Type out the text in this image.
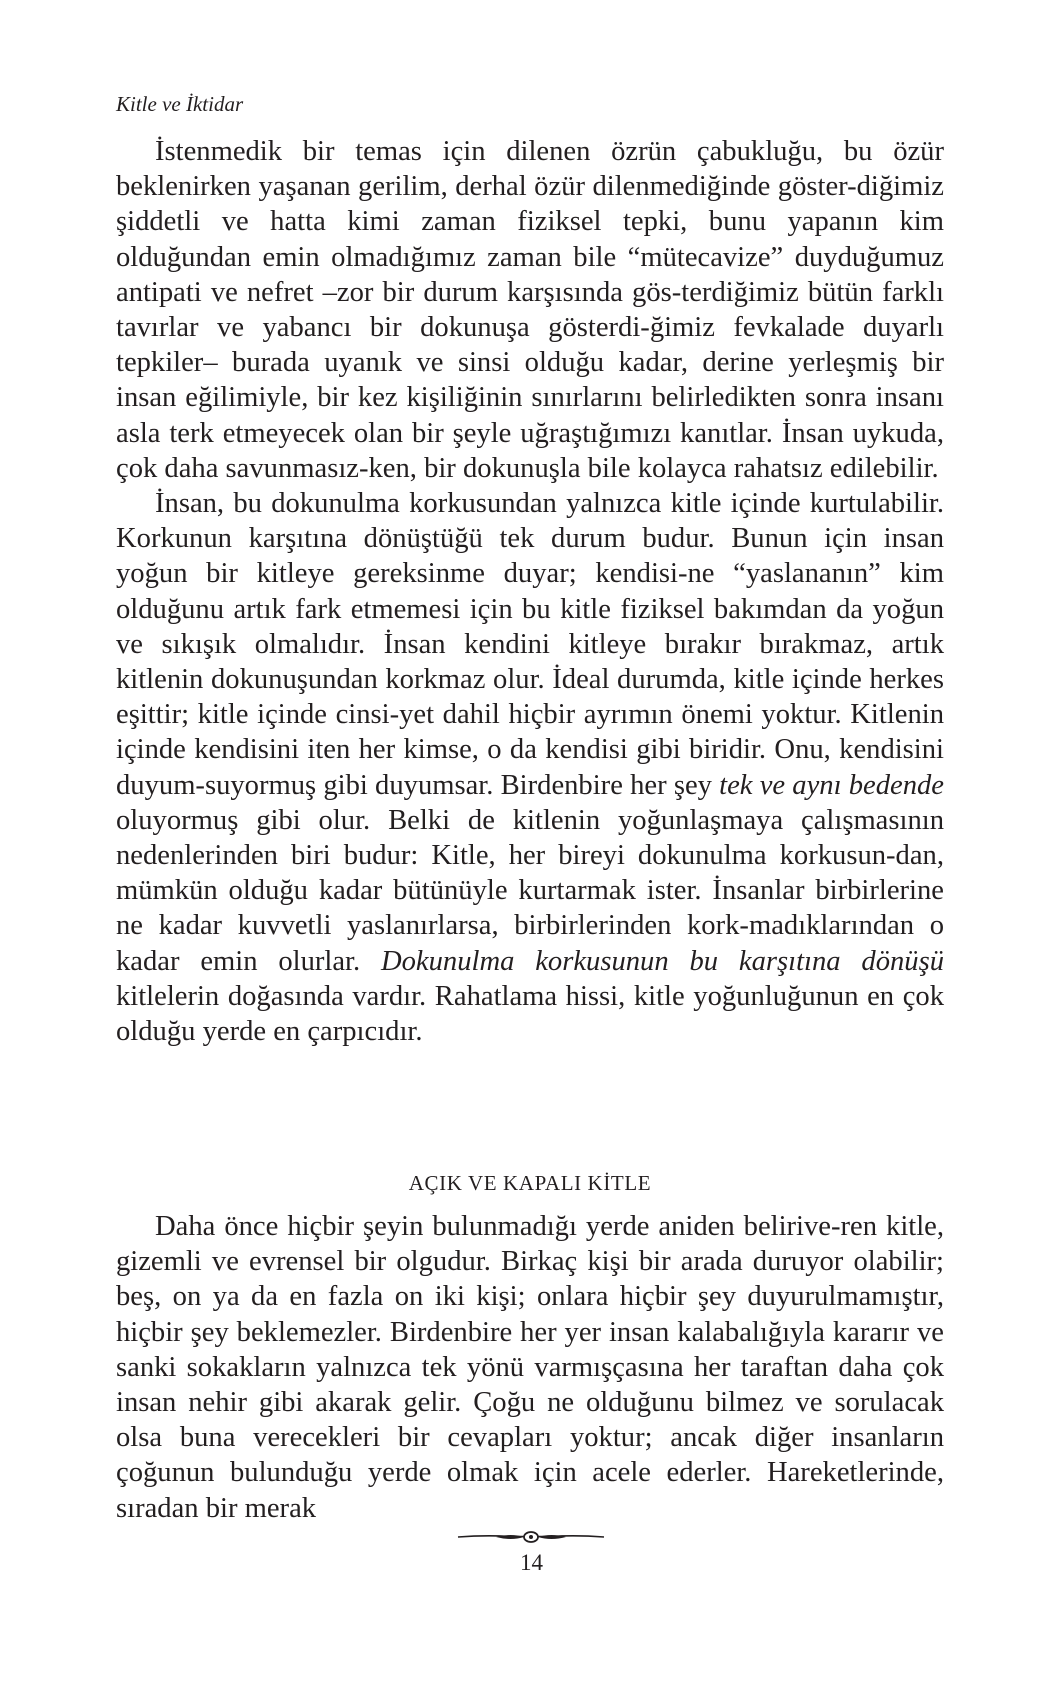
Kitle ve İktidar

İstenmedik bir temas için dilenen özrün çabukluğu, bu özür beklenirken yaşanan gerilim, derhal özür dilenmediğinde göster-diğimiz şiddetli ve hatta kimi zaman fiziksel tepki, bunu yapanın kim olduğundan emin olmadığımız zaman bile “mütecavize” duyduğumuz antipati ve nefret –zor bir durum karşısında gös-terdiğimiz bütün farklı tavırlar ve yabancı bir dokunuşa gösterdi-ğimiz fevkalade duyarlı tepkiler– burada uyanık ve sinsi olduğu kadar, derine yerleşmiş bir insan eğilimiyle, bir kez kişiliğinin sınırlarını belirledikten sonra insanı asla terk etmeyecek olan bir şeyle uğraştığımızı kanıtlar. İnsan uykuda, çok daha savunmasız-ken, bir dokunuşla bile kolayca rahatsız edilebilir.

İnsan, bu dokunulma korkusundan yalnızca kitle içinde kurtulabilir. Korkunun karşıtına dönüştüğü tek durum budur. Bunun için insan yoğun bir kitleye gereksinme duyar; kendisi-ne “yaslananın” kim olduğunu artık fark etmemesi için bu kitle fiziksel bakımdan da yoğun ve sıkışık olmalıdır. İnsan kendini kitleye bırakır bırakmaz, artık kitlenin dokunuşundan korkmaz olur. İdeal durumda, kitle içinde herkes eşittir; kitle içinde cinsi-yet dahil hiçbir ayrımın önemi yoktur. Kitlenin içinde kendisini iten her kimse, o da kendisi gibi biridir. Onu, kendisini duyum-suyormuş gibi duyumsar. Birdenbire her şey tek ve aynı bedende oluyormuş gibi olur. Belki de kitlenin yoğunlaşmaya çalışmasının nedenlerinden biri budur: Kitle, her bireyi dokunulma korkusun-dan, mümkün olduğu kadar bütünüyle kurtarmak ister. İnsanlar birbirlerine ne kadar kuvvetli yaslanırlarsa, birbirlerinden kork-madıklarından o kadar emin olurlar. Dokunulma korkusunun bu karşıtına dönüşü kitlelerin doğasında vardır. Rahatlama hissi, kitle yoğunluğunun en çok olduğu yerde en çarpıcıdır.

AÇIK VE KAPALI KİTLE

Daha önce hiçbir şeyin bulunmadığı yerde aniden belirive-ren kitle, gizemli ve evrensel bir olgudur. Birkaç kişi bir arada duruyor olabilir; beş, on ya da en fazla on iki kişi; onlara hiçbir şey duyurulmamıştır, hiçbir şey beklemezler. Birdenbire her yer insan kalabalığıyla kararır ve sanki sokakların yalnızca tek yönü varmışçasına her taraftan daha çok insan nehir gibi akarak gelir. Çoğu ne olduğunu bilmez ve sorulacak olsa buna verecekleri bir cevapları yoktur; ancak diğer insanların çoğunun bulunduğu yerde olmak için acele ederler. Hareketlerinde, sıradan bir merak

14
